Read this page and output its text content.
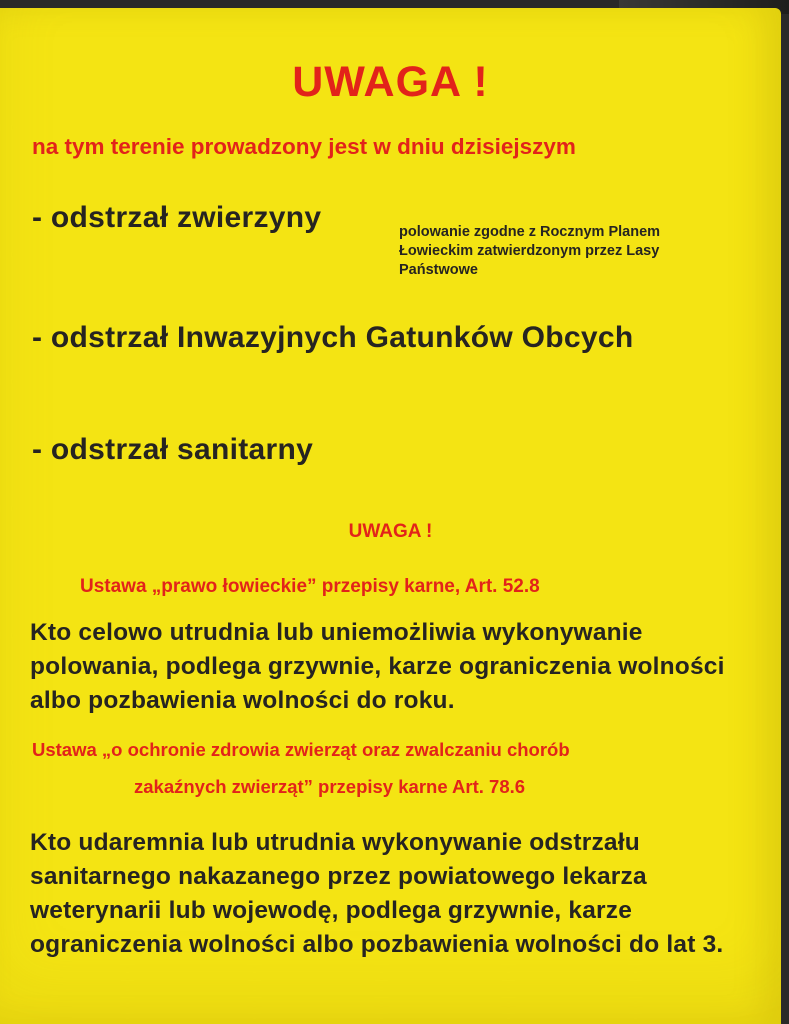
UWAGA !
na tym terenie prowadzony jest w dniu dzisiejszym
- odstrzał zwierzyny	polowanie zgodne z Rocznym Planem Łowieckim zatwierdzonym przez Lasy Państwowe
- odstrzał Inwazyjnych Gatunków Obcych
- odstrzał sanitarny
UWAGA !
Ustawa „prawo łowieckie” przepisy karne, Art. 52.8
Kto celowo utrudnia lub uniemożliwia wykonywanie polowania, podlega grzywnie, karze ograniczenia wolności albo pozbawienia wolności do roku.
Ustawa „o ochronie zdrowia zwierząt oraz zwalczaniu chorób
zakaźnych zwierząt” przepisy karne Art. 78.6
Kto udaremnia lub utrudnia wykonywanie odstrzału sanitarnego nakazanego przez powiatowego lekarza weterynarii lub wojewodę, podlega grzywnie, karze ograniczenia wolności albo pozbawienia wolności do lat 3.
